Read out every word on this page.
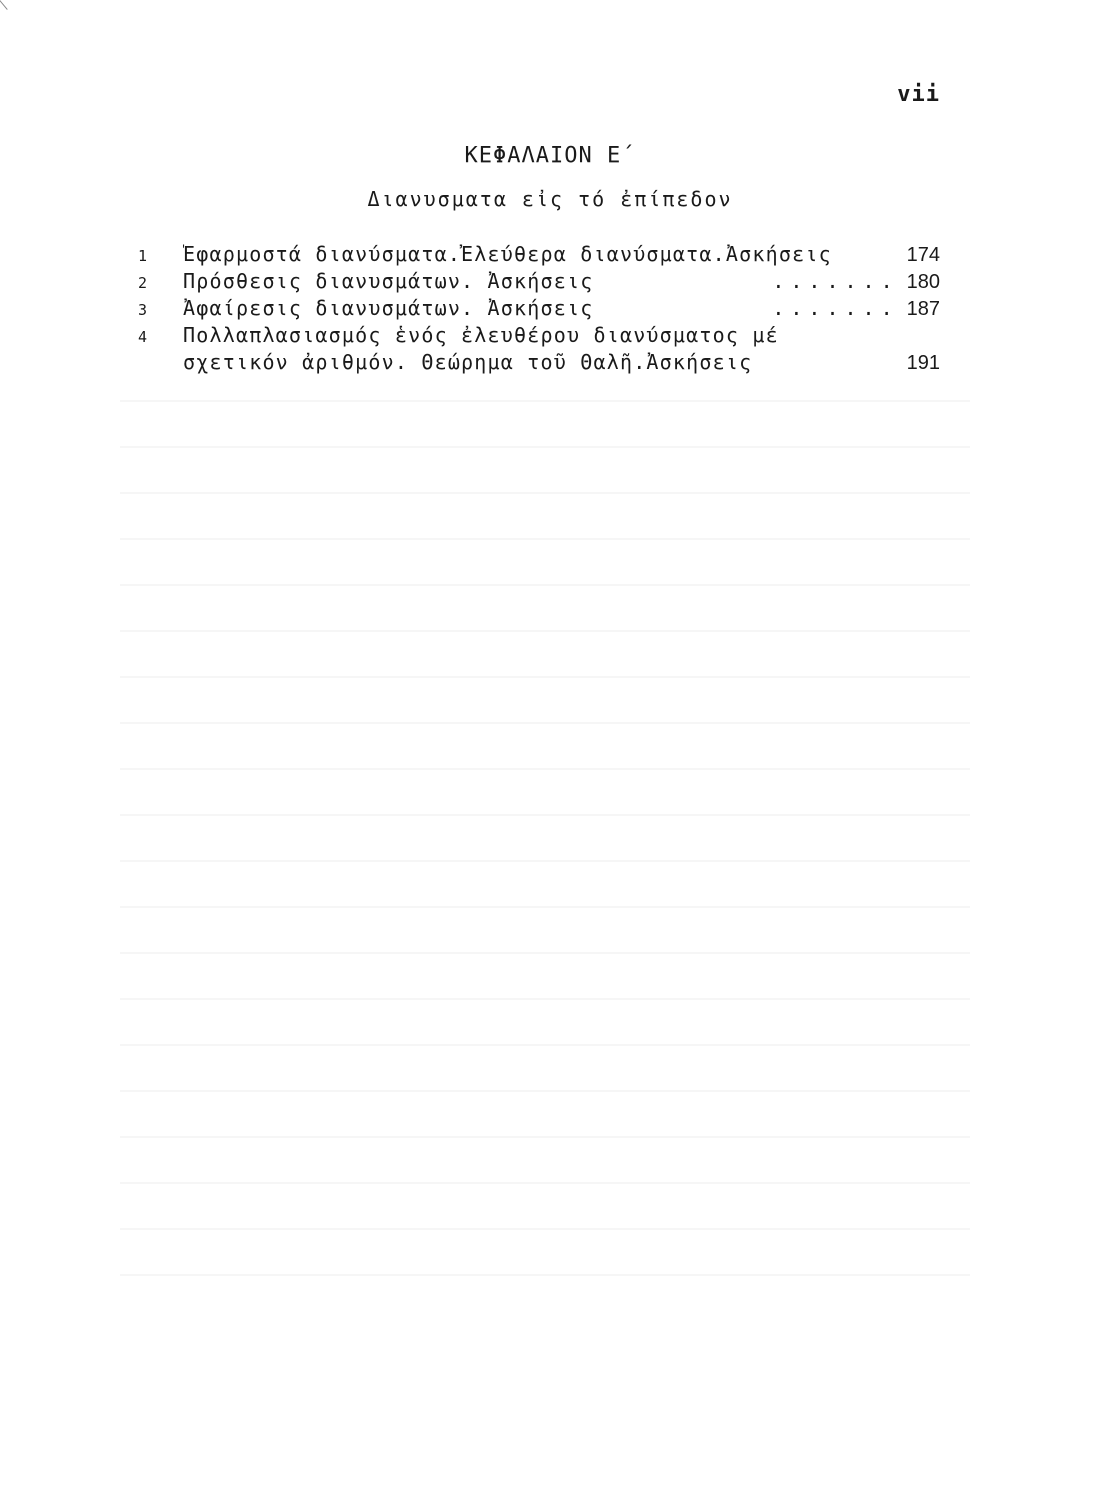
vii
ΚΕΦΑΛΑΙΟΝ Ε΄
Διανυσματα εἰς τό ἐπίπεδον
1	Ἐφαρμοστά διανύσματα.Ἐλεύθερα διανύσματα.Ἀσκήσεις	174
2	Πρόσθεσις διανυσμάτων. Ἀσκήσεις	....... 180
3	Ἀφαίρεσις διανυσμάτων. Ἀσκήσεις	....... 187
4	Πολλαπλασιασμός ἑνός ἐλευθέρου διανύσματος μέ
σχετικόν ἀριθμόν. Θεώρημα τοῦ Θαλῆ.Ἀσκήσεις	191
